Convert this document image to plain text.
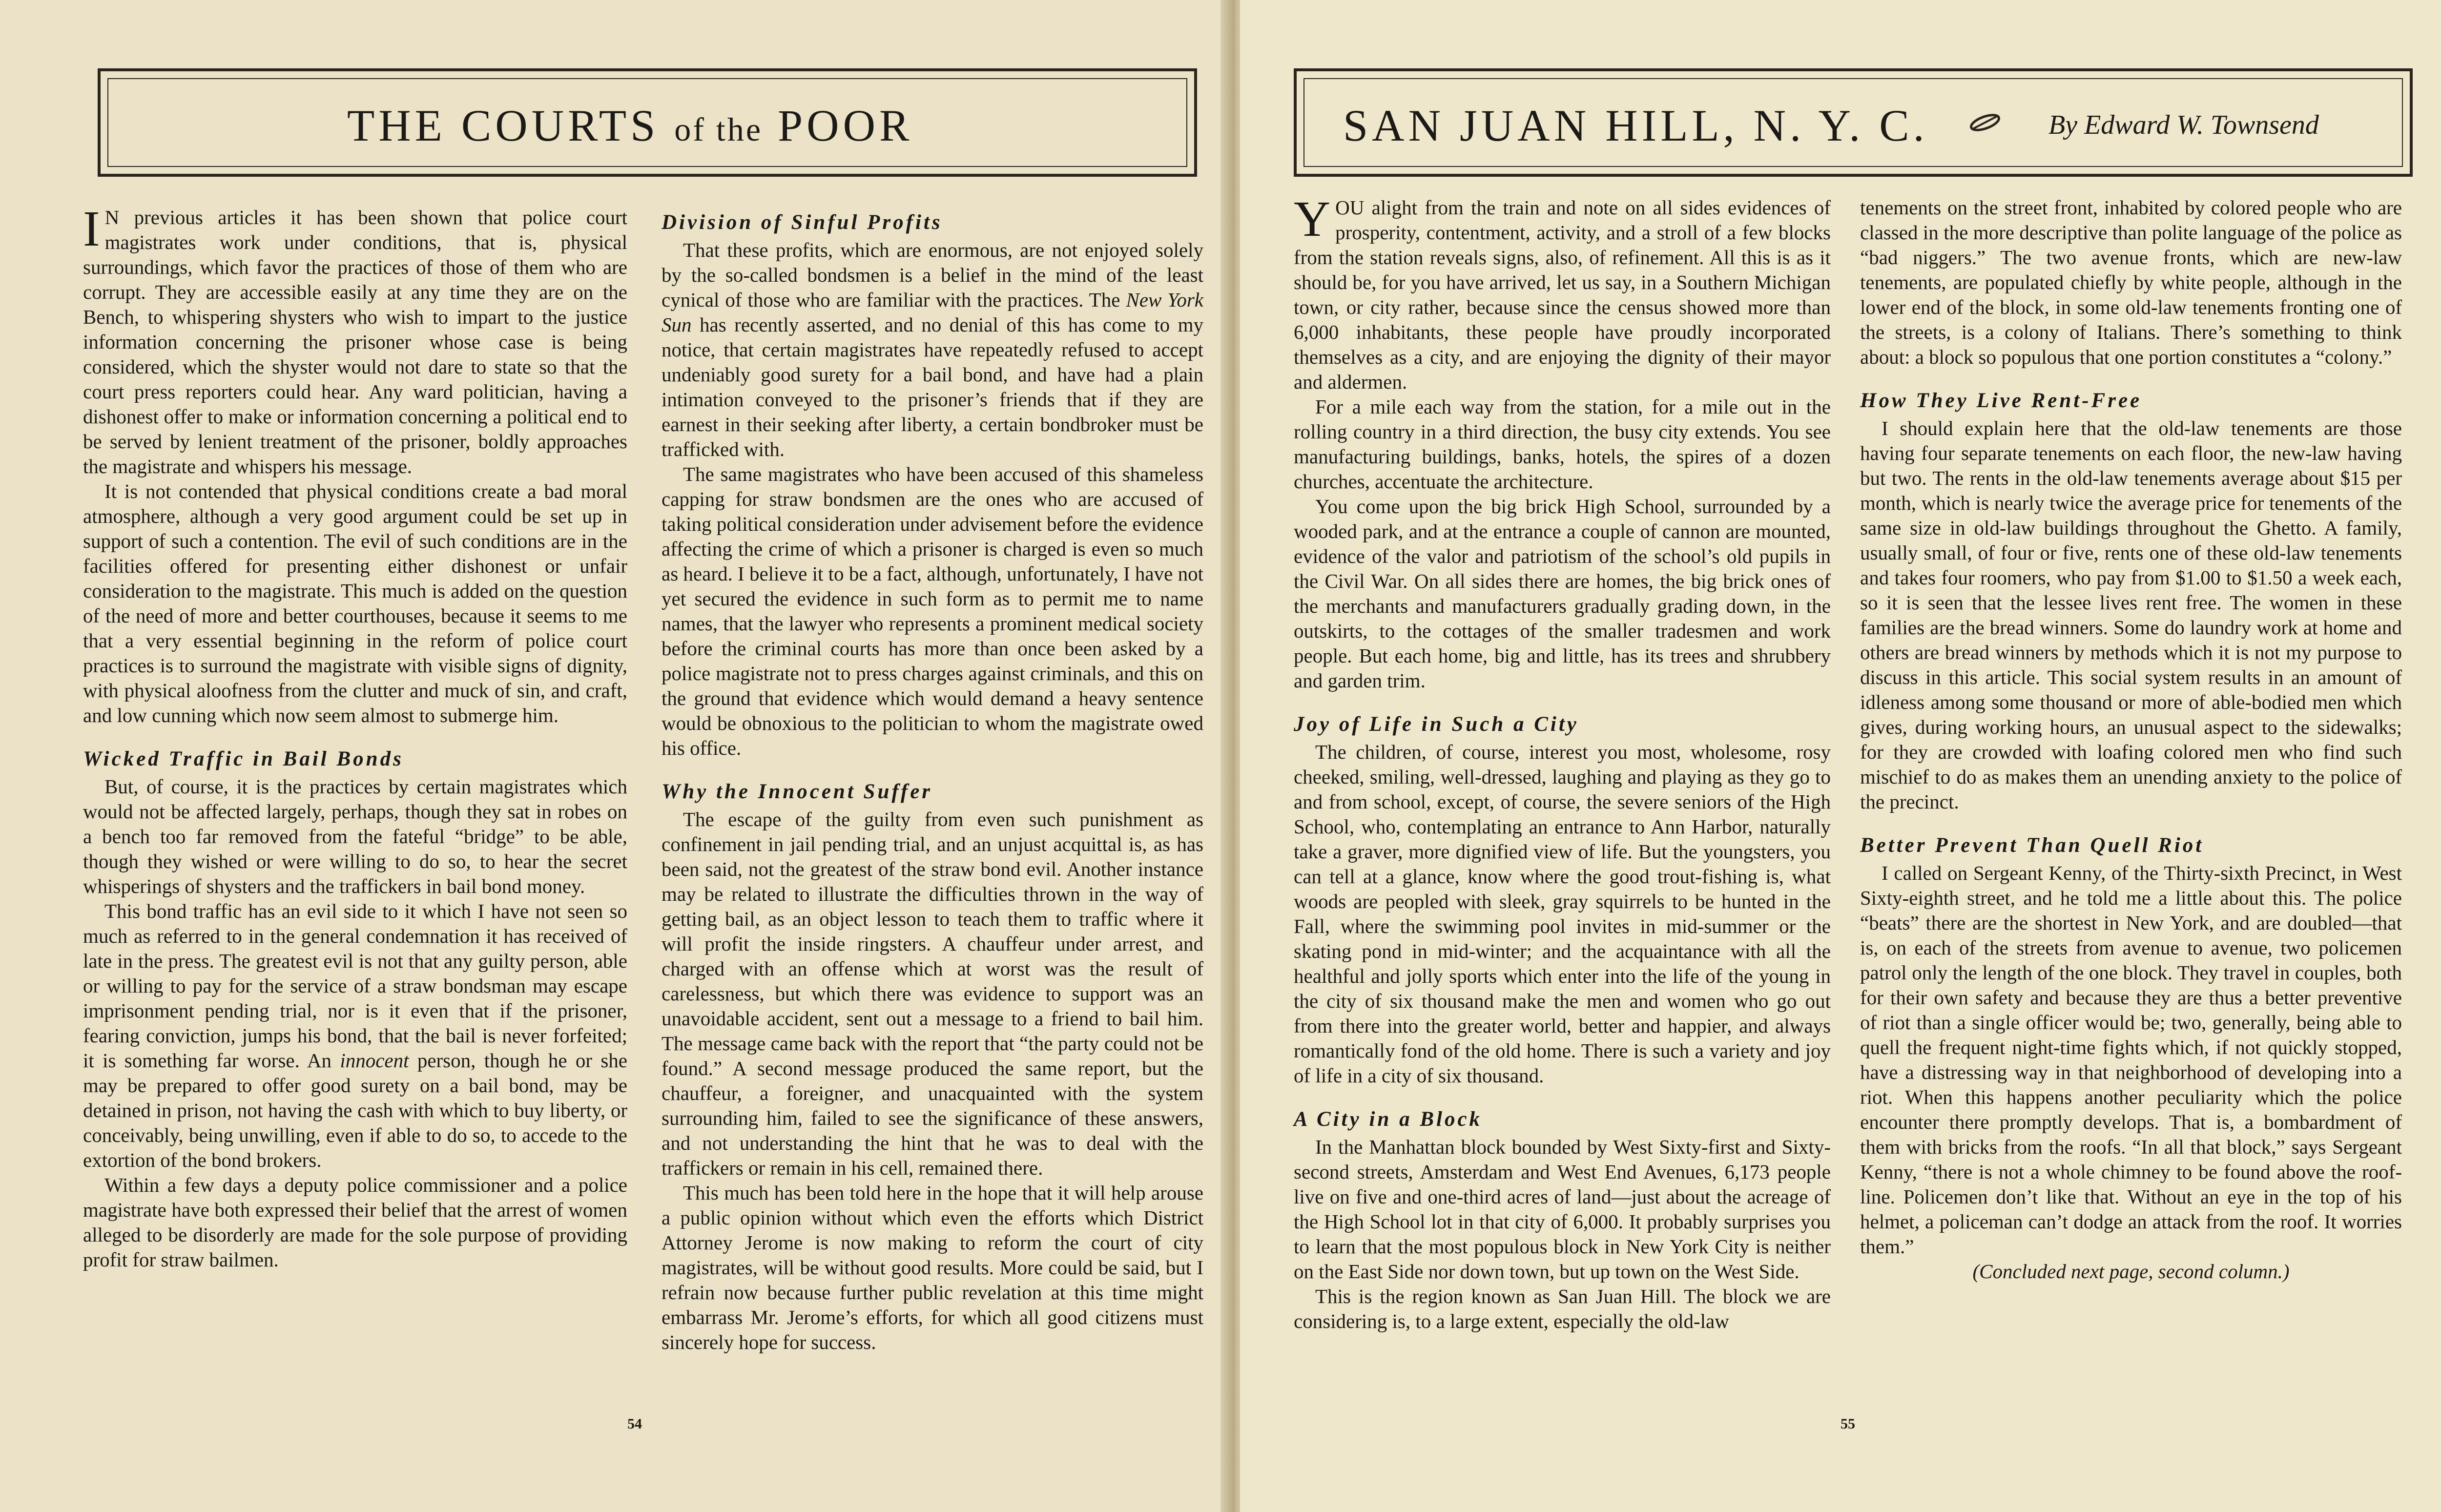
THE COURTS of the POOR

I N previous articles it has been shown that police court magistrates work under conditions, that is, physical surroundings, which favor the practices of those of them who are corrupt. They are accessible easily at any time they are on the Bench, to whispering shysters who wish to impart to the justice information concerning the prisoner whose case is being considered, which the shyster would not dare to state so that the court press reporters could hear. Any ward politician, having a dishonest offer to make or information concerning a political end to be served by lenient treatment of the prisoner, boldly approaches the magistrate and whispers his message.

It is not contended that physical conditions create a bad moral atmosphere, although a very good argument could be set up in support of such a contention. The evil of such conditions are in the facilities offered for presenting either dishonest or unfair consideration to the magistrate. This much is added on the question of the need of more and better courthouses, because it seems to me that a very essential beginning in the reform of police court practices is to surround the magistrate with visible signs of dignity, with physical aloofness from the clutter and muck of sin, and craft, and low cunning which now seem almost to submerge him.

Wicked Traffic in Bail Bonds

But, of course, it is the practices by certain magistrates which would not be affected largely, perhaps, though they sat in robes on a bench too far removed from the fateful “bridge” to be able, though they wished or were willing to do so, to hear the secret whisperings of shysters and the traffickers in bail bond money.

This bond traffic has an evil side to it which I have not seen so much as referred to in the general condemnation it has received of late in the press. The greatest evil is not that any guilty person, able or willing to pay for the service of a straw bondsman may escape imprisonment pending trial, nor is it even that if the prisoner, fearing conviction, jumps his bond, that the bail is never forfeited; it is something far worse. An innocent person, though he or she may be prepared to offer good surety on a bail bond, may be detained in prison, not having the cash with which to buy liberty, or conceivably, being unwilling, even if able to do so, to accede to the extortion of the bond brokers.

Within a few days a deputy police commissioner and a police magistrate have both expressed their belief that the arrest of women alleged to be disorderly are made for the sole purpose of providing profit for straw bailmen.

Division of Sinful Profits

That these profits, which are enormous, are not enjoyed solely by the so-called bondsmen is a belief in the mind of the least cynical of those who are familiar with the practices. The New York Sun has recently asserted, and no denial of this has come to my notice, that certain magistrates have repeatedly refused to accept undeniably good surety for a bail bond, and have had a plain intimation conveyed to the prisoner’s friends that if they are earnest in their seeking after liberty, a certain bondbroker must be trafficked with.

The same magistrates who have been accused of this shameless capping for straw bondsmen are the ones who are accused of taking political consideration under advisement before the evidence affecting the crime of which a prisoner is charged is even so much as heard. I believe it to be a fact, although, unfortunately, I have not yet secured the evidence in such form as to permit me to name names, that the lawyer who represents a prominent medical society before the criminal courts has more than once been asked by a police magistrate not to press charges against criminals, and this on the ground that evidence which would demand a heavy sentence would be obnoxious to the politician to whom the magistrate owed his office.

Why the Innocent Suffer

The escape of the guilty from even such punishment as confinement in jail pending trial, and an unjust acquittal is, as has been said, not the greatest of the straw bond evil. Another instance may be related to illustrate the difficulties thrown in the way of getting bail, as an object lesson to teach them to traffic where it will profit the inside ringsters. A chauffeur under arrest, and charged with an offense which at worst was the result of carelessness, but which there was evidence to support was an unavoidable accident, sent out a message to a friend to bail him. The message came back with the report that “the party could not be found.” A second message produced the same report, but the chauffeur, a foreigner, and unacquainted with the system surrounding him, failed to see the significance of these answers, and not understanding the hint that he was to deal with the traffickers or remain in his cell, remained there.

This much has been told here in the hope that it will help arouse a public opinion without which even the efforts which District Attorney Jerome is now making to reform the court of city magistrates, will be without good results. More could be said, but I refrain now because further public revelation at this time might embarrass Mr. Jerome’s efforts, for which all good citizens must sincerely hope for success.

54
SAN JUAN HILL, N. Y. C.	By Edward W. Townsend

YOU alight from the train and note on all sides evidences of prosperity, contentment, activity, and a stroll of a few blocks from the station reveals signs, also, of refinement. All this is as it should be, for you have arrived, let us say, in a Southern Michigan town, or city rather, because since the census showed more than 6,000 inhabitants, these people have proudly incorporated themselves as a city, and are enjoying the dignity of their mayor and aldermen.

For a mile each way from the station, for a mile out in the rolling country in a third direction, the busy city extends. You see manufacturing buildings, banks, hotels, the spires of a dozen churches, accentuate the architecture.

You come upon the big brick High School, surrounded by a wooded park, and at the entrance a couple of cannon are mounted, evidence of the valor and patriotism of the school’s old pupils in the Civil War. On all sides there are homes, the big brick ones of the merchants and manufacturers gradually grading down, in the outskirts, to the cottages of the smaller tradesmen and work people. But each home, big and little, has its trees and shrubbery and garden trim.

Joy of Life in Such a City

The children, of course, interest you most, wholesome, rosy cheeked, smiling, well-dressed, laughing and playing as they go to and from school, except, of course, the severe seniors of the High School, who, contemplating an entrance to Ann Harbor, naturally take a graver, more dignified view of life. But the youngsters, you can tell at a glance, know where the good trout-fishing is, what woods are peopled with sleek, gray squirrels to be hunted in the Fall, where the swimming pool invites in mid-summer or the skating pond in mid-winter; and the acquaintance with all the healthful and jolly sports which enter into the life of the young in the city of six thousand make the men and women who go out from there into the greater world, better and happier, and always romantically fond of the old home. There is such a variety and joy of life in a city of six thousand.

A City in a Block

In the Manhattan block bounded by West Sixty-first and Sixty-second streets, Amsterdam and West End Avenues, 6,173 people live on five and one-third acres of land—just about the acreage of the High School lot in that city of 6,000. It probably surprises you to learn that the most populous block in New York City is neither on the East Side nor down town, but up town on the West Side.

This is the region known as San Juan Hill. The block we are considering is, to a large extent, especially the old-law

tenements on the street front, inhabited by colored people who are classed in the more descriptive than polite language of the police as “bad niggers.” The two avenue fronts, which are new-law tenements, are populated chiefly by white people, although in the lower end of the block, in some old-law tenements fronting one of the streets, is a colony of Italians. There’s something to think about: a block so populous that one portion constitutes a “colony.”

How They Live Rent-Free

I should explain here that the old-law tenements are those having four separate tenements on each floor, the new-law having but two. The rents in the old-law tenements average about $15 per month, which is nearly twice the average price for tenements of the same size in old-law buildings throughout the Ghetto. A family, usually small, of four or five, rents one of these old-law tenements and takes four roomers, who pay from $1.00 to $1.50 a week each, so it is seen that the lessee lives rent free. The women in these families are the bread winners. Some do laundry work at home and others are bread winners by methods which it is not my purpose to discuss in this article. This social system results in an amount of idleness among some thousand or more of able-bodied men which gives, during working hours, an unusual aspect to the sidewalks; for they are crowded with loafing colored men who find such mischief to do as makes them an unending anxiety to the police of the precinct.

Better Prevent Than Quell Riot

I called on Sergeant Kenny, of the Thirty-sixth Precinct, in West Sixty-eighth street, and he told me a little about this. The police “beats” there are the shortest in New York, and are doubled—that is, on each of the streets from avenue to avenue, two policemen patrol only the length of the one block. They travel in couples, both for their own safety and because they are thus a better preventive of riot than a single officer would be; two, generally, being able to quell the frequent night-time fights which, if not quickly stopped, have a distressing way in that neighborhood of developing into a riot. When this happens another peculiarity which the police encounter there promptly develops. That is, a bombardment of them with bricks from the roofs. “In all that block,” says Sergeant Kenny, “there is not a whole chimney to be found above the roof-line. Policemen don’t like that. Without an eye in the top of his helmet, a policeman can’t dodge an attack from the roof. It worries them.”

(Concluded next page, second column.)

55
